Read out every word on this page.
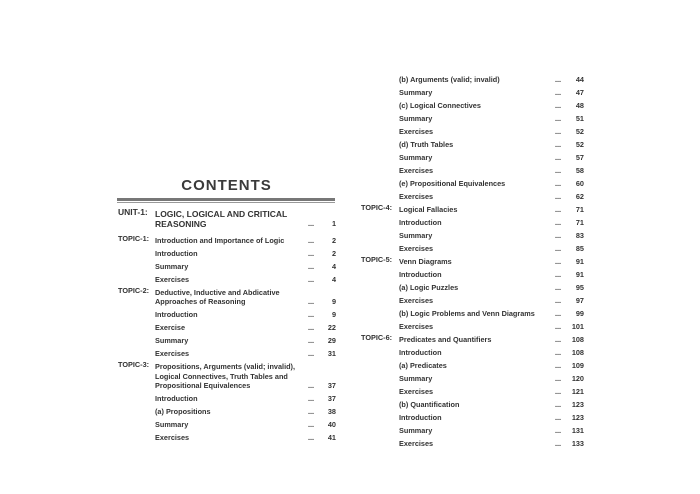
CONTENTS
UNIT-1: LOGIC, LOGICAL AND CRITICAL
REASONING	... 1
TOPIC-1: Introduction and Importance of Logic	... 2
Introduction	... 2
Summary	... 4
Exercises	... 4
TOPIC-2: Deductive, Inductive and Abdicative
Approaches of Reasoning	... 9
Introduction	... 9
Exercise	... 22
Summary	... 29
Exercises	... 31
TOPIC-3: Propositions, Arguments (valid; invalid),
Logical Connectives, Truth Tables and
Propositional Equivalences	... 37
Introduction	... 37
(a) Propositions	... 38
Summary	... 40
Exercises	... 41
(b) Arguments (valid; invalid)	... 44
Summary	... 47
(c) Logical Connectives	... 48
Summary	... 51
Exercises	... 52
(d) Truth Tables	... 52
Summary	... 57
Exercises	... 58
(e) Propositional Equivalences	... 60
Exercises	... 62
TOPIC-4: Logical Fallacies	... 71
Introduction	... 71
Summary	... 83
Exercises	... 85
TOPIC-5: Venn Diagrams	... 91
Introduction	... 91
(a) Logic Puzzles	... 95
Exercises	... 97
(b) Logic Problems and Venn Diagrams	... 99
Exercises	... 101
TOPIC-6: Predicates and Quantifiers	... 108
Introduction	... 108
(a) Predicates	... 109
Summary	... 120
Exercises	... 121
(b) Quantification	... 123
Introduction	... 123
Summary	... 131
Exercises	... 133
